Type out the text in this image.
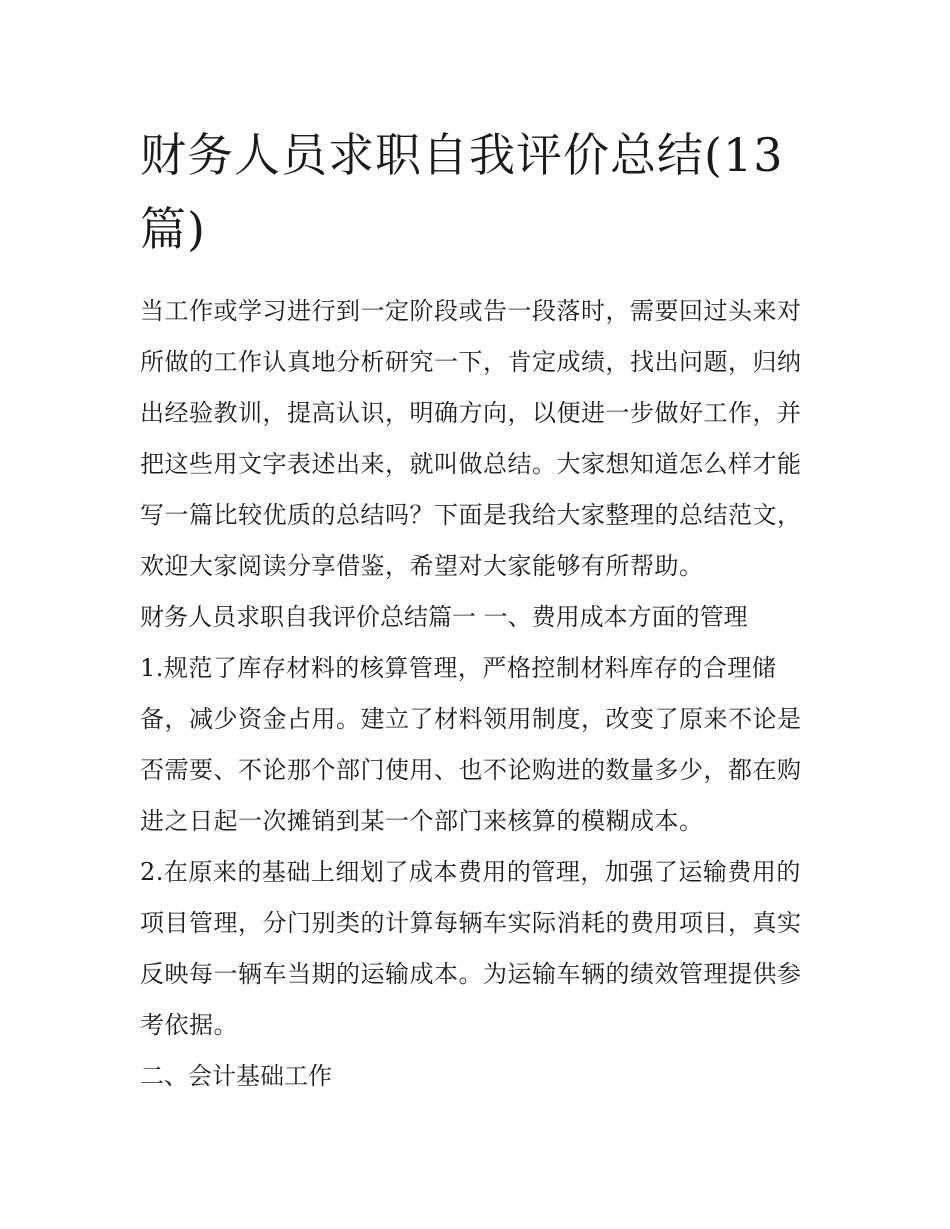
财务人员求职自我评价总结(13篇)

当工作或学习进行到一定阶段或告一段落时，需要回过头来对所做的工作认真地分析研究一下，肯定成绩，找出问题，归纳出经验教训，提高认识，明确方向，以便进一步做好工作，并把这些用文字表述出来，就叫做总结。大家想知道怎么样才能写一篇比较优质的总结吗？下面是我给大家整理的总结范文，欢迎大家阅读分享借鉴，希望对大家能够有所帮助。

财务人员求职自我评价总结篇一 一、费用成本方面的管理

1.规范了库存材料的核算管理，严格控制材料库存的合理储备，减少资金占用。建立了材料领用制度，改变了原来不论是否需要、不论那个部门使用、也不论购进的数量多少，都在购进之日起一次摊销到某一个部门来核算的模糊成本。

2.在原来的基础上细划了成本费用的管理，加强了运输费用的项目管理，分门别类的计算每辆车实际消耗的费用项目，真实反映每一辆车当期的运输成本。为运输车辆的绩效管理提供参考依据。

二、会计基础工作
